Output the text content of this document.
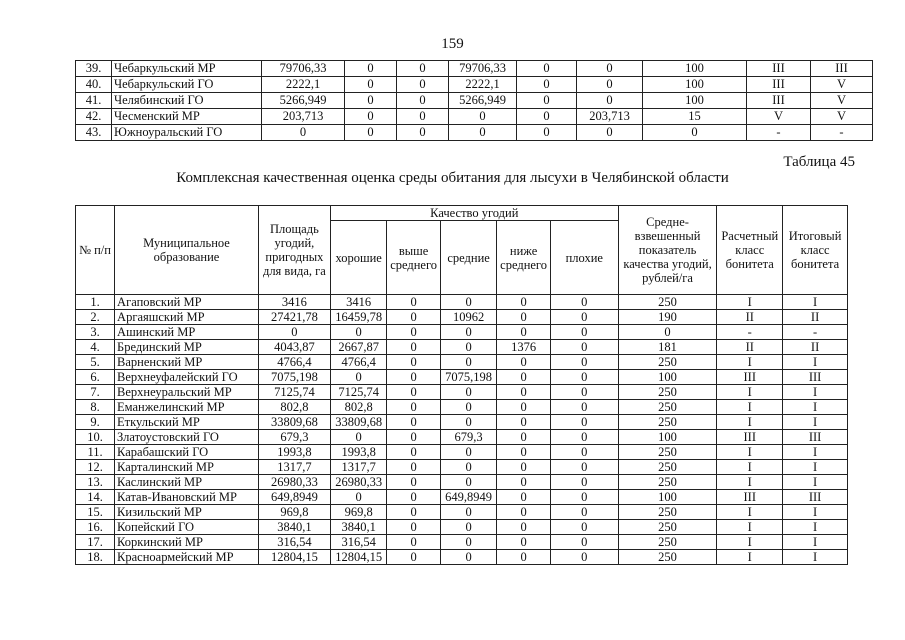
159
39.	Чебаркульский МР	79706,33	0	0	79706,33	0	0	100	III	III
40.	Чебаркульский ГО	2222,1	0	0	2222,1	0	0	100	III	V
41.	Челябинский ГО	5266,949	0	0	5266,949	0	0	100	III	V
42.	Чесменский МР	203,713	0	0	0	0	203,713	15	V	V
43.	Южноуральский ГО	0	0	0	0	0	0	0	-	-
Таблица 45
Комплексная качественная оценка среды обитания для лысухи в Челябинской области
№ п/п	Муниципальное образование	Площадь угодий, пригодных для вида, га	Качество угодий					Средне-взвешенный показатель качества угодий, рублей/га	Расчетный класс бонитета	Итоговый класс бонитета
			хорошие	выше среднего	средние	ниже среднего	плохие			
1.	Агаповский МР	3416	3416	0	0	0	0	250	I	I
2.	Аргаяшский МР	27421,78	16459,78	0	10962	0	0	190	II	II
3.	Ашинский МР	0	0	0	0	0	0	0	-	-
4.	Брединский МР	4043,87	2667,87	0	0	1376	0	181	II	II
5.	Варненский МР	4766,4	4766,4	0	0	0	0	250	I	I
6.	Верхнеуфалейский ГО	7075,198	0	0	7075,198	0	0	100	III	III
7.	Верхнеуральский МР	7125,74	7125,74	0	0	0	0	250	I	I
8.	Еманжелинский МР	802,8	802,8	0	0	0	0	250	I	I
9.	Еткульский МР	33809,68	33809,68	0	0	0	0	250	I	I
10.	Златоустовский ГО	679,3	0	0	679,3	0	0	100	III	III
11.	Карабашский ГО	1993,8	1993,8	0	0	0	0	250	I	I
12.	Карталинский МР	1317,7	1317,7	0	0	0	0	250	I	I
13.	Каслинский МР	26980,33	26980,33	0	0	0	0	250	I	I
14.	Катав-Ивановский МР	649,8949	0	0	649,8949	0	0	100	III	III
15.	Кизильский МР	969,8	969,8	0	0	0	0	250	I	I
16.	Копейский ГО	3840,1	3840,1	0	0	0	0	250	I	I
17.	Коркинский МР	316,54	316,54	0	0	0	0	250	I	I
18.	Красноармейский МР	12804,15	12804,15	0	0	0	0	250	I	I
